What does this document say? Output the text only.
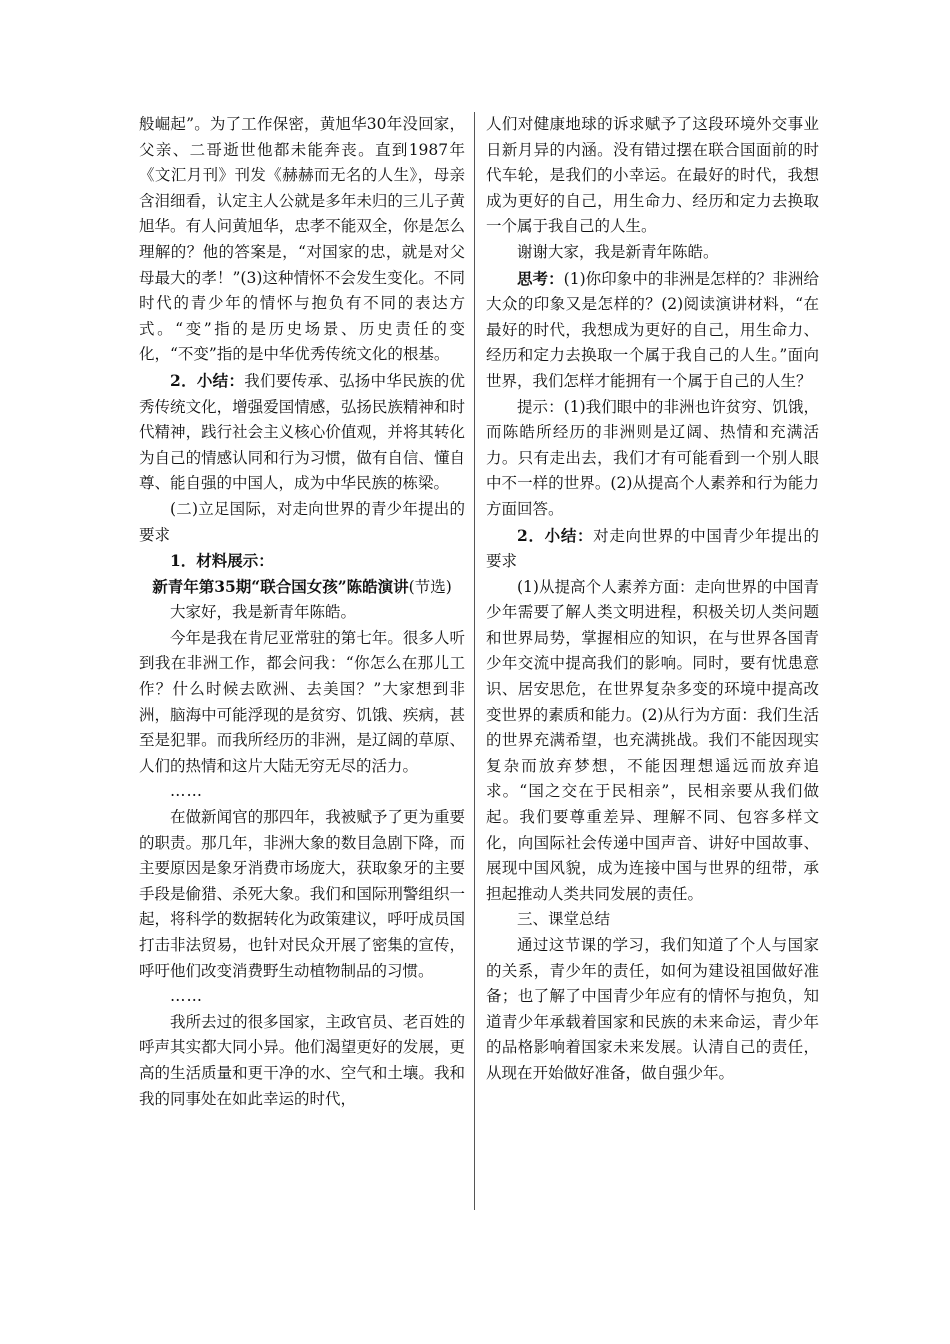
般崛起”。为了工作保密，黄旭华30年没回家，父亲、二哥逝世他都未能奔丧。直到1987年《文汇月刊》刊发《赫赫而无名的人生》，母亲含泪细看，认定主人公就是多年未归的三儿子黄旭华。有人问黄旭华，忠孝不能双全，你是怎么理解的？他的答案是，“对国家的忠，就是对父母最大的孝！”(3)这种情怀不会发生变化。不同时代的青少年的情怀与抱负有不同的表达方式。“变”指的是历史场景、历史责任的变化，“不变”指的是中华优秀传统文化的根基。

2．小结：我们要传承、弘扬中华民族的优秀传统文化，增强爱国情感，弘扬民族精神和时代精神，践行社会主义核心价值观，并将其转化为自己的情感认同和行为习惯，做有自信、懂自尊、能自强的中国人，成为中华民族的栋梁。

(二)立足国际，对走向世界的青少年提出的要求

1．材料展示：

新青年第35期“联合国女孩”陈皓演讲(节选)

大家好，我是新青年陈皓。

今年是我在肯尼亚常驻的第七年。很多人听到我在非洲工作，都会问我：“你怎么在那儿工作？什么时候去欧洲、去美国？”大家想到非洲，脑海中可能浮现的是贫穷、饥饿、疾病，甚至是犯罪。而我所经历的非洲，是辽阔的草原、人们的热情和这片大陆无穷无尽的活力。

……

在做新闻官的那四年，我被赋予了更为重要的职责。那几年，非洲大象的数目急剧下降，而主要原因是象牙消费市场庞大，获取象牙的主要手段是偷猎、杀死大象。我们和国际刑警组织一起，将科学的数据转化为政策建议，呼吁成员国打击非法贸易，也针对民众开展了密集的宣传，呼吁他们改变消费野生动植物制品的习惯。

……

我所去过的很多国家，主政官员、老百姓的呼声其实都大同小异。他们渴望更好的发展，更高的生活质量和更干净的水、空气和土壤。我和我的同事处在如此幸运的时代，

人们对健康地球的诉求赋予了这段环境外交事业日新月异的内涵。没有错过摆在联合国面前的时代车轮，是我们的小幸运。在最好的时代，我想成为更好的自己，用生命力、经历和定力去换取一个属于我自己的人生。

谢谢大家，我是新青年陈皓。

思考：(1)你印象中的非洲是怎样的？非洲给大众的印象又是怎样的？(2)阅读演讲材料，“在最好的时代，我想成为更好的自己，用生命力、经历和定力去换取一个属于我自己的人生。”面向世界，我们怎样才能拥有一个属于自己的人生？

提示：(1)我们眼中的非洲也许贫穷、饥饿，而陈皓所经历的非洲则是辽阔、热情和充满活力。只有走出去，我们才有可能看到一个别人眼中不一样的世界。(2)从提高个人素养和行为能力方面回答。

2．小结：对走向世界的中国青少年提出的要求

(1)从提高个人素养方面：走向世界的中国青少年需要了解人类文明进程，积极关切人类问题和世界局势，掌握相应的知识，在与世界各国青少年交流中提高我们的影响。同时，要有忧患意识、居安思危，在世界复杂多变的环境中提高改变世界的素质和能力。(2)从行为方面：我们生活的世界充满希望，也充满挑战。我们不能因现实复杂而放弃梦想，不能因理想遥远而放弃追求。“国之交在于民相亲”，民相亲要从我们做起。我们要尊重差异、理解不同、包容多样文化，向国际社会传递中国声音、讲好中国故事、展现中国风貌，成为连接中国与世界的纽带，承担起推动人类共同发展的责任。

三、课堂总结

通过这节课的学习，我们知道了个人与国家的关系，青少年的责任，如何为建设祖国做好准备；也了解了中国青少年应有的情怀与抱负，知道青少年承载着国家和民族的未来命运，青少年的品格影响着国家未来发展。认清自己的责任，从现在开始做好准备，做自强少年。
